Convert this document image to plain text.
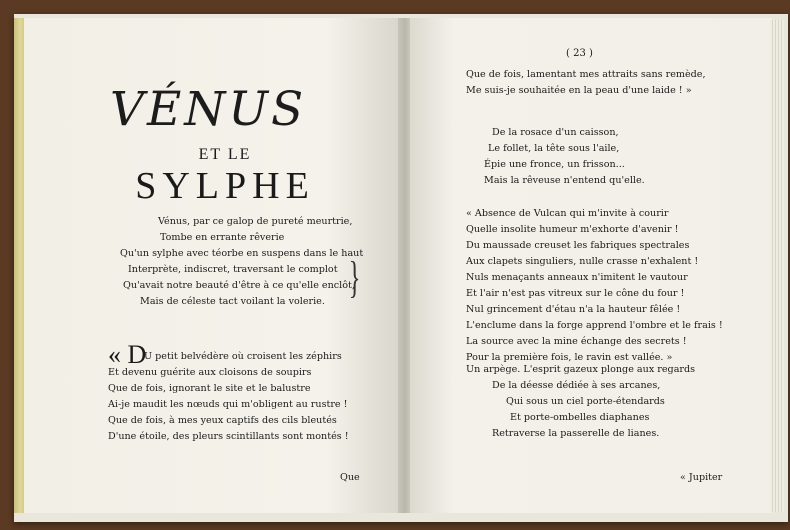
VÉNUS
ET LE
SYLPHE
Vénus, par ce galop de pureté meurtrie,
Tombe en errante rêverie
Qu'un sylphe avec téorbe en suspens dans le haut
Interprète, indiscret, traversant le complot
Qu'avait notre beauté d'être à ce qu'elle enclôt,
Mais de céleste tact voilant la volerie. }
« D
U petit belvédère où croisent les zéphirs
Et devenu guérite aux cloisons de soupirs
Que de fois, ignorant le site et le balustre
Ai-je maudit les nœuds qui m'obligent au rustre !
Que de fois, à mes yeux captifs des cils bleutés
D'une étoile, des pleurs scintillants sont montés !
Que
( 23 )
Que de fois, lamentant mes attraits sans remède,
Me suis-je souhaitée en la peau d'une laide ! »
De la rosace d'un caisson,
Le follet, la tête sous l'aile,
Épie une fronce, un frisson...
Mais la rêveuse n'entend qu'elle.
« Absence de Vulcan qui m'invite à courir
Quelle insolite humeur m'exhorte d'avenir !
Du maussade creuset les fabriques spectrales
Aux clapets singuliers, nulle crasse n'exhalent !
Nuls menaçants anneaux n'imitent le vautour
Et l'air n'est pas vitreux sur le cône du four !
Nul grincement d'étau n'a la hauteur fêlée !
L'enclume dans la forge apprend l'ombre et le frais !
La source avec la mine échange des secrets !
Pour la première fois, le ravin est vallée. »
Un arpège. L'esprit gazeux plonge aux regards
De la déesse dédiée à ses arcanes,
Qui sous un ciel porte-étendards
Et porte-ombelles diaphanes
Retraverse la passerelle de lianes.
« Jupiter
